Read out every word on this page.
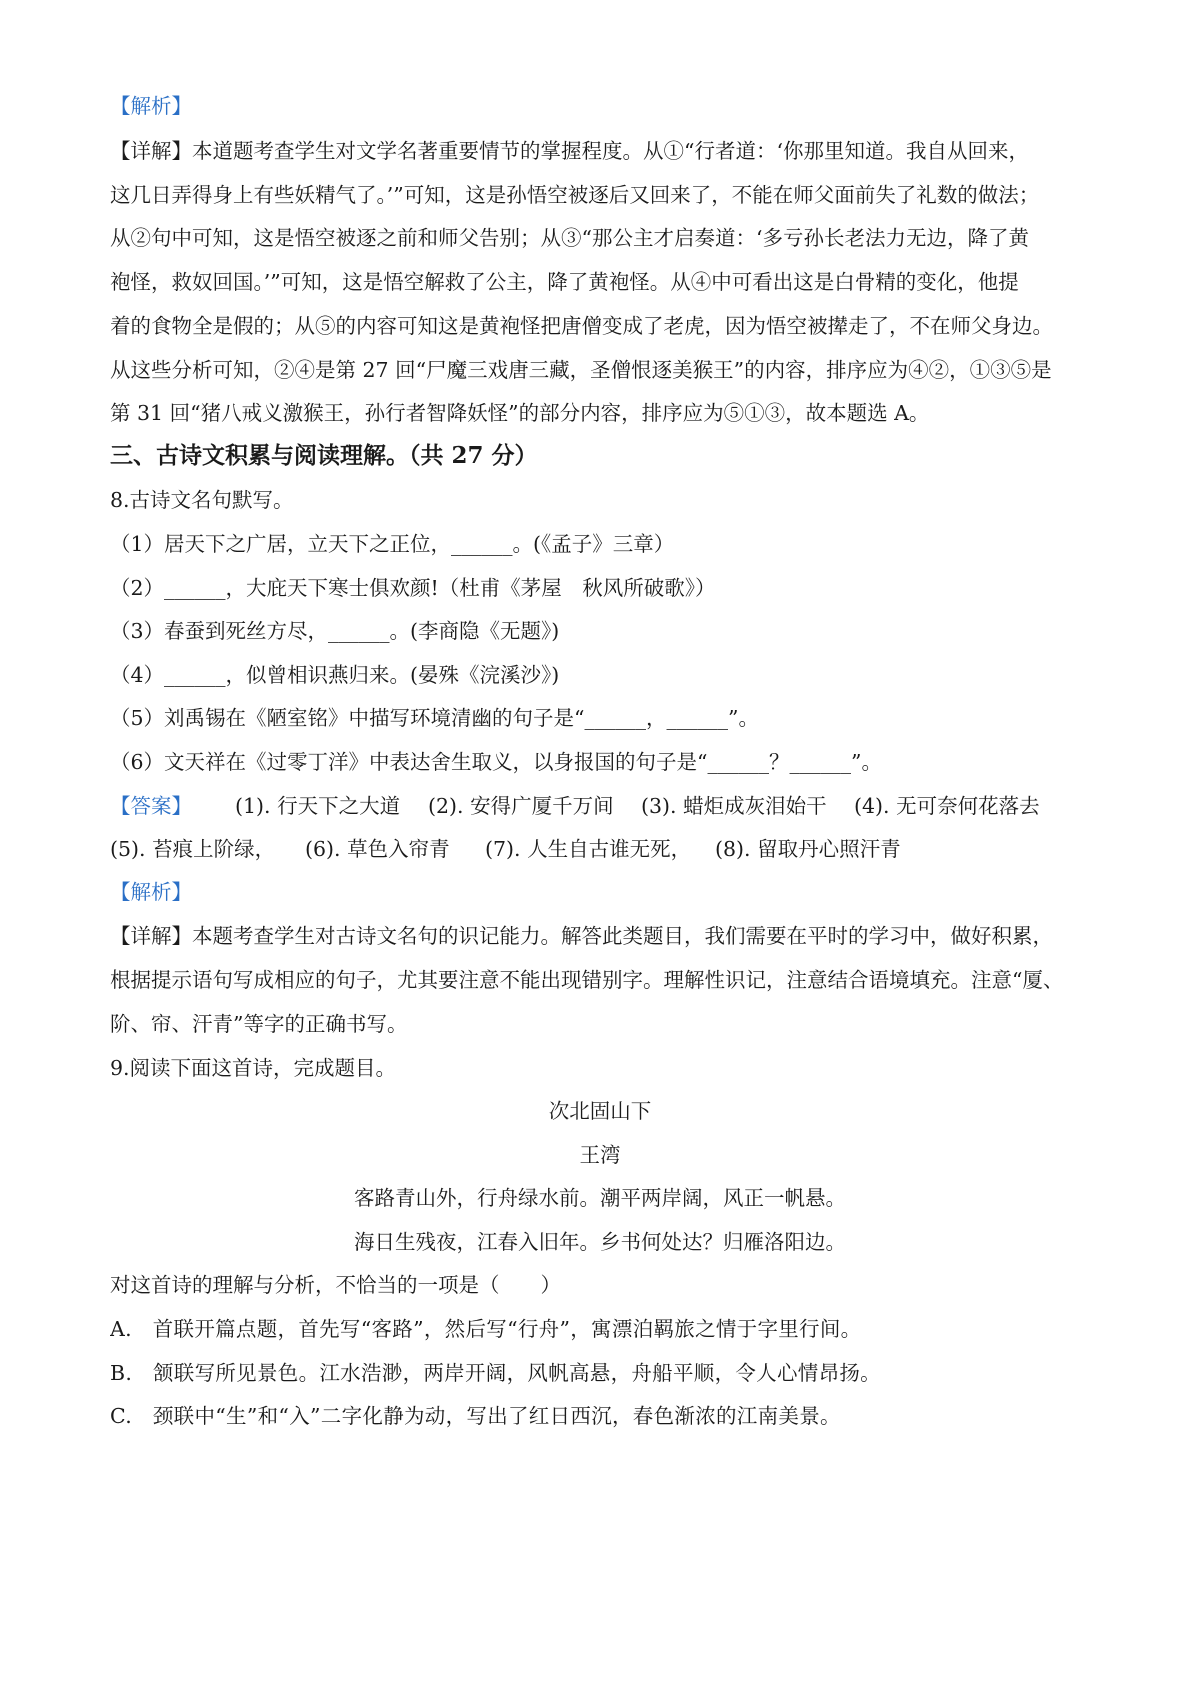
【解析】
【详解】本道题考查学生对文学名著重要情节的掌握程度。从①“行者道：‘你那里知道。我自从回来，
这几日弄得身上有些妖精气了。’”可知，这是孙悟空被逐后又回来了，不能在师父面前失了礼数的做法；
从②句中可知，这是悟空被逐之前和师父告别；从③“那公主才启奏道：‘多亏孙长老法力无边，降了黄
袍怪，救奴回国。’”可知，这是悟空解救了公主，降了黄袍怪。从④中可看出这是白骨精的变化，他提
着的食物全是假的；从⑤的内容可知这是黄袍怪把唐僧变成了老虎，因为悟空被撵走了，不在师父身边。
从这些分析可知，②④是第 27 回“尸魔三戏唐三藏，圣僧恨逐美猴王”的内容，排序应为④②，①③⑤是
第 31 回“猪八戒义激猴王，孙行者智降妖怪”的部分内容，排序应为⑤①③，故本题选 A。
三、古诗文积累与阅读理解。（共 27 分）
8.古诗文名句默写。
（1）居天下之广居，立天下之正位，______。(《孟子》三章）
（2）______，大庇天下寒士俱欢颜!（杜甫《茅屋　秋风所破歌》）
（3）春蚕到死丝方尽，______。(李商隐《无题》)
（4）______，似曾相识燕归来。(晏殊《浣溪沙》)
（5）刘禹锡在《陋室铭》中描写环境清幽的句子是“______，______”。
（6）文天祥在《过零丁洋》中表达舍生取义，以身报国的句子是“______？______”。
【答案】 (1). 行天下之大道 (2). 安得广厦千万间 (3). 蜡炬成灰泪始干 (4). 无可奈何花落去
(5). 苔痕上阶绿， (6). 草色入帘青 (7). 人生自古谁无死， (8). 留取丹心照汗青
【解析】
【详解】本题考查学生对古诗文名句的识记能力。解答此类题目，我们需要在平时的学习中，做好积累，
根据提示语句写成相应的句子，尤其要注意不能出现错别字。理解性识记，注意结合语境填充。注意“厦、
阶、帘、汗青”等字的正确书写。
9.阅读下面这首诗，完成题目。
次北固山下
王湾
客路青山外，行舟绿水前。潮平两岸阔，风正一帆悬。
海日生残夜，江春入旧年。乡书何处达？归雁洛阳边。
对这首诗的理解与分析，不恰当的一项是（　　）
A.　首联开篇点题，首先写“客路”，然后写“行舟”，寓漂泊羁旅之情于字里行间。
B.　颔联写所见景色。江水浩渺，两岸开阔，风帆高悬，舟船平顺，令人心情昂扬。
C.　颈联中“生”和“入”二字化静为动，写出了红日西沉，春色渐浓的江南美景。
